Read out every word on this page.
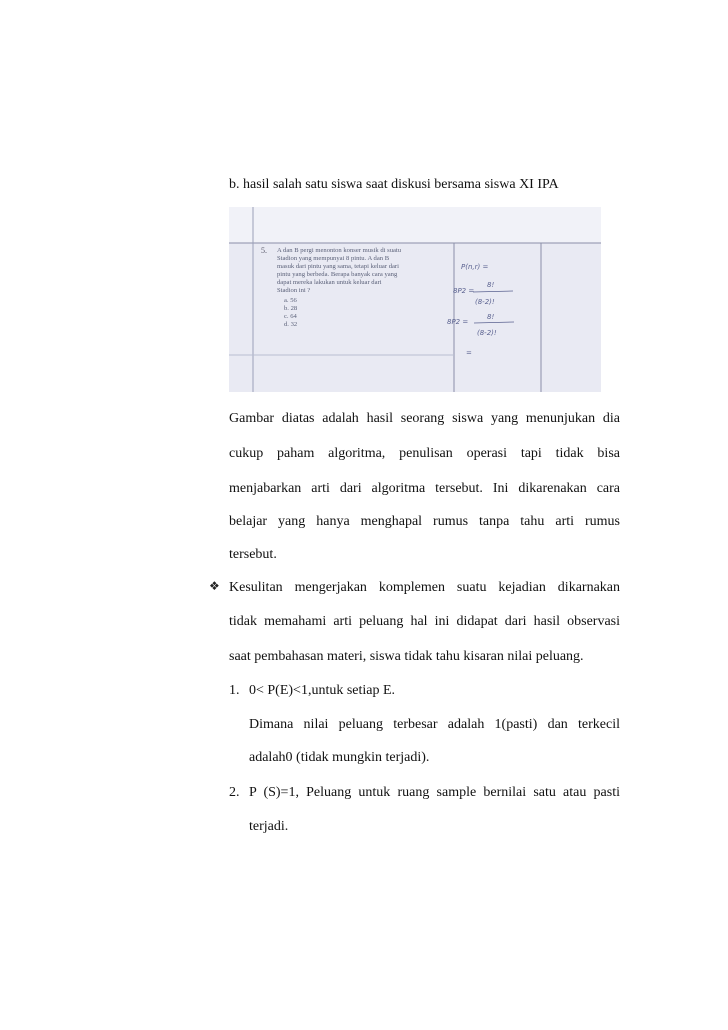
b. hasil salah satu siswa saat diskusi bersama siswa XI IPA
5. A dan B pergi menonton konser musik di suatu
Stadion yang mempunyai 8 pintu. A dan B
masuk dari pintu yang sama, tetapi keluar dari
pintu yang berbeda. Berapa banyak cara yang
dapat mereka lakukan untuk keluar dari
Stadion ini ?
a. 56
b. 28
c. 64
d. 32
P(n,r) =
8P2 =
8!
(8-2)!
8P2 =
8!
(8-2)!
=
Gambar diatas adalah hasil seorang siswa yang menunjukan dia
cukup paham algoritma, penulisan operasi tapi tidak bisa
menjabarkan arti dari algoritma tersebut. Ini dikarenakan cara
belajar yang hanya menghapal rumus tanpa tahu arti rumus
tersebut.
❖ Kesulitan mengerjakan komplemen suatu kejadian dikarnakan
tidak memahami arti peluang hal ini didapat dari hasil observasi
saat pembahasan materi, siswa tidak tahu kisaran nilai peluang.
1. 0< P(E)<1,untuk setiap E.
Dimana nilai peluang terbesar adalah 1(pasti) dan terkecil
adalah0 (tidak mungkin terjadi).
2. P (S)=1, Peluang untuk ruang sample bernilai satu atau pasti
terjadi.
